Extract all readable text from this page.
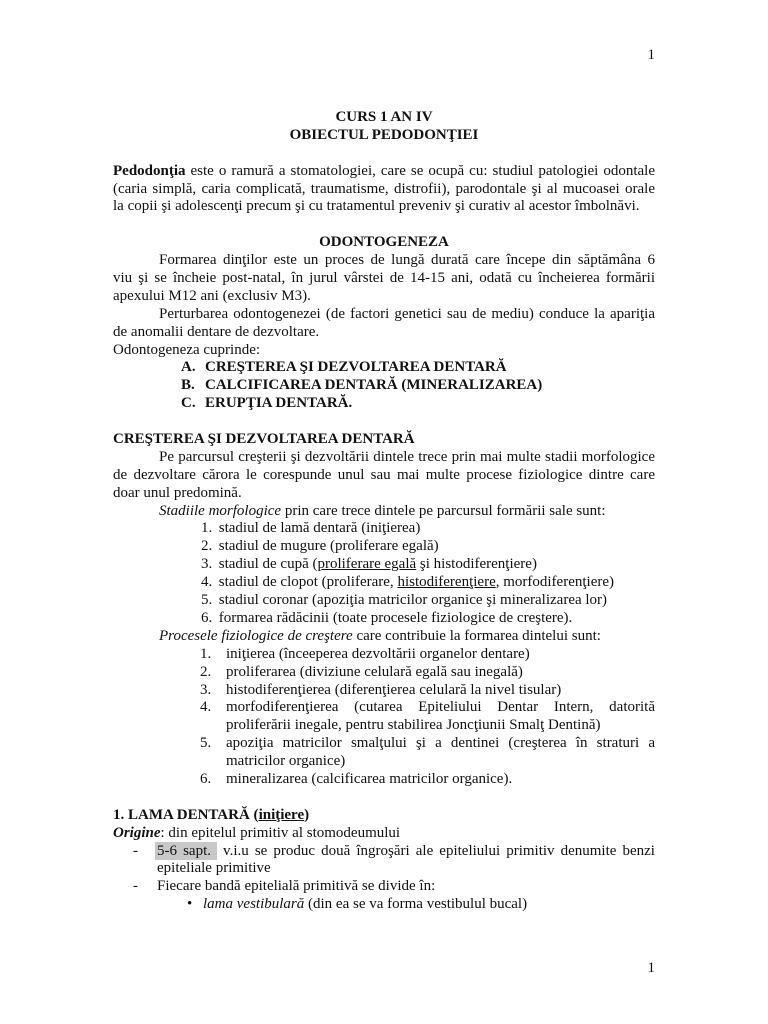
1
CURS 1 AN IV
OBIECTUL PEDODONŢIEI
Pedodonţia este o ramură a stomatologiei, care se ocupă cu: studiul patologiei odontale
(caria simplă, caria complicată, traumatisme, distrofii), parodontale şi al mucoasei orale
la copii şi adolescenţi precum şi cu tratamentul preveniv şi curativ al acestor îmbolnăvi.
ODONTOGENEZA
Formarea dinţilor este un proces de lungă durată care începe din săptămâna 6
viu şi se încheie post-natal, în jurul vârstei de 14-15 ani, odată cu încheierea formării
apexului M12 ani (exclusiv M3).
Perturbarea odontogenezei (de factori genetici sau de mediu) conduce la apariţia
de anomalii dentare de dezvoltare.
Odontogeneza cuprinde:
A. CREŞTEREA ŞI DEZVOLTAREA DENTARĂ
B. CALCIFICAREA DENTARĂ (MINERALIZAREA)
C. ERUPŢIA DENTARĂ.
CREŞTEREA ŞI DEZVOLTAREA DENTARĂ
Pe parcursul creşterii şi dezvoltării dintele trece prin mai multe stadii morfologice
de dezvoltare cărora le corespunde unul sau mai multe procese fiziologice dintre care
doar unul predomină.
Stadiile morfologice prin care trece dintele pe parcursul formării sale sunt:
1. stadiul de lamă dentară (iniţierea)
2. stadiul de mugure (proliferare egală)
3. stadiul de cupă (proliferare egală şi histodiferenţiere)
4. stadiul de clopot (proliferare, histodiferenţiere, morfodiferenţiere)
5. stadiul coronar (apoziţia matricilor organice şi mineralizarea lor)
6. formarea rădăcinii (toate procesele fiziologice de creştere).
Procesele fiziologice de creştere care contribuie la formarea dintelui sunt:
1. iniţierea (înceeperea dezvoltării organelor dentare)
2. proliferarea (diviziune celulară egală sau inegală)
3. histodiferenţierea (diferenţierea celulară la nivel tisular)
4. morfodiferenţierea (cutarea Epiteliului Dentar Intern, datorită
proliferării inegale, pentru stabilirea Joncţiunii Smalţ Dentină)
5. apoziţia matricilor smalţului şi a dentinei (creşterea în straturi a
matricilor organice)
6. mineralizarea (calcificarea matricilor organice).
1. LAMA DENTARĂ (iniţiere)
Origine: din epitelul primitiv al stomodeumului
- 5-6 sapt. v.i.u se produc două îngroşări ale epiteliului primitiv denumite benzi
epiteliale primitive
- Fiecare bandă epitelială primitivă se divide în:
• lama vestibulară (din ea se va forma vestibulul bucal)
1
